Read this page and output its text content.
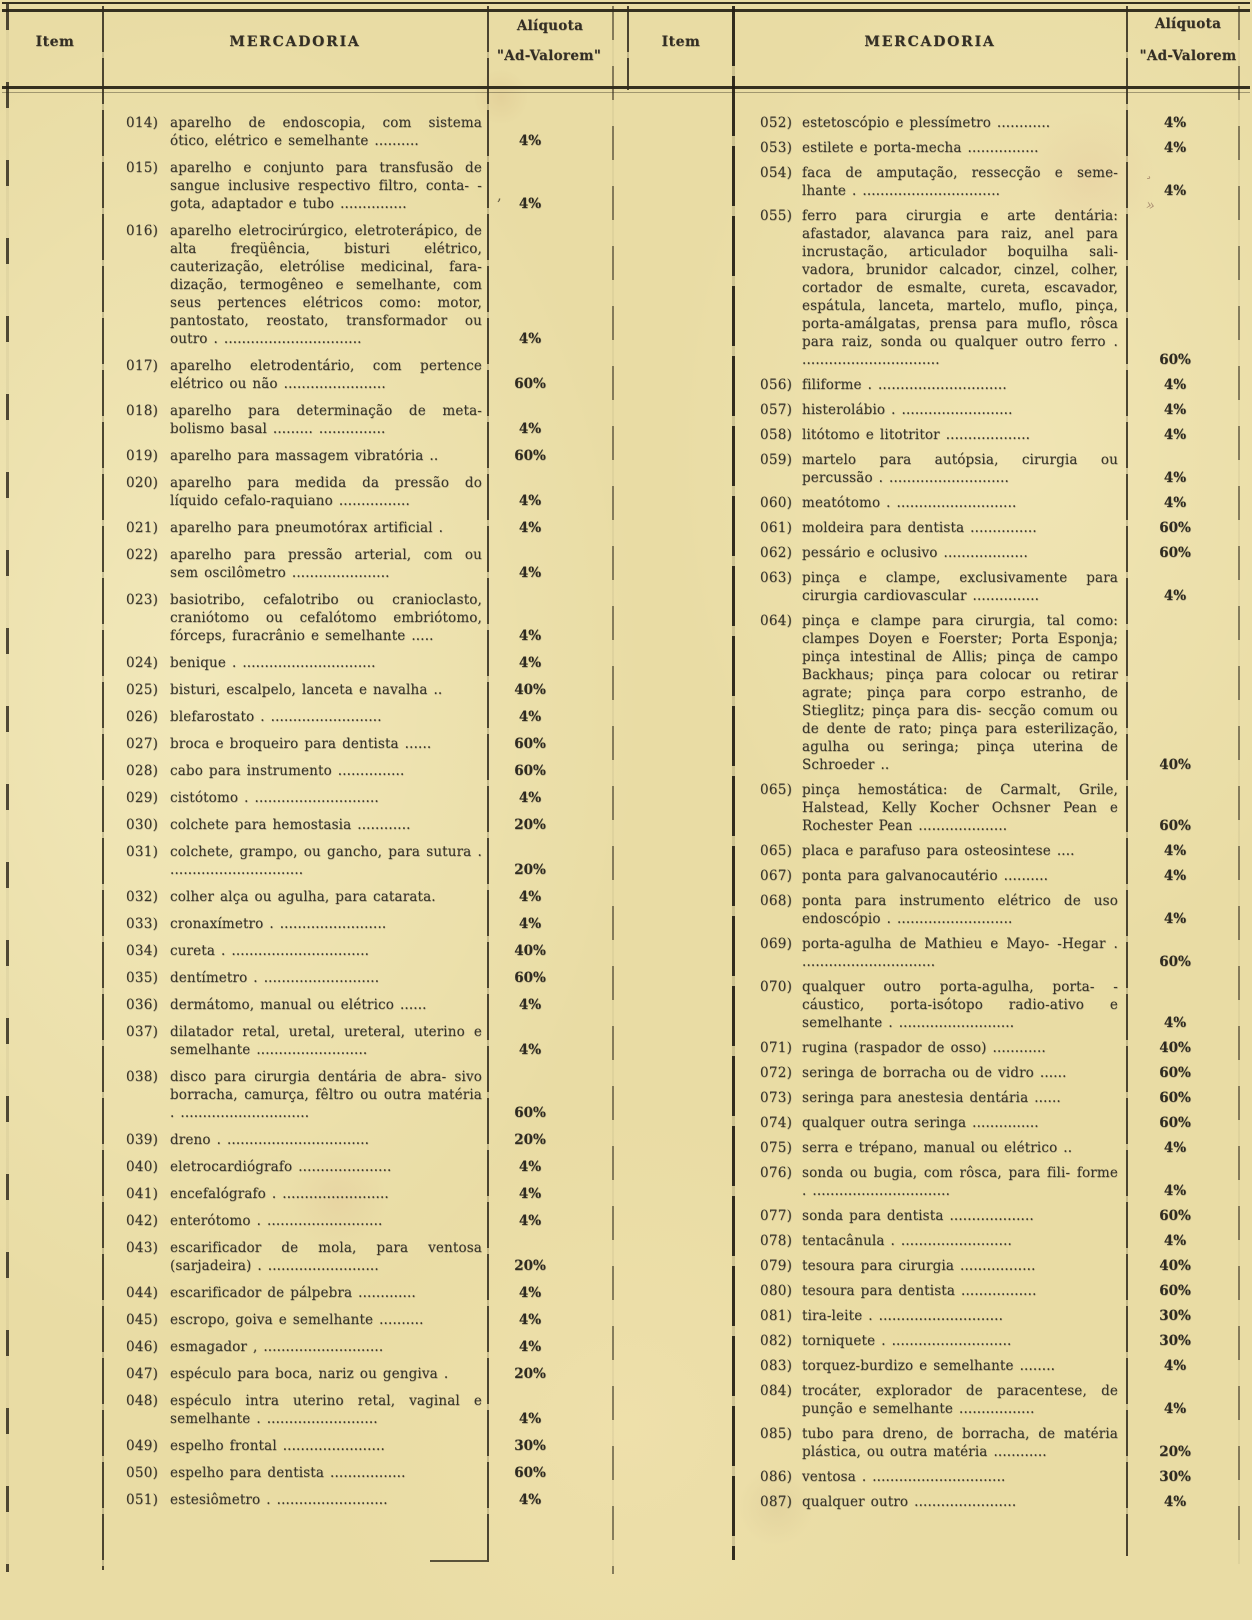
Item	MERCADORIA
Alíquota
"Ad-Valorem"
Item	MERCADORIA
Alíquota
"Ad-Valorem
014) aparelho de endoscopia, com sistema ótico, elétrico e semelhante ..........	4%
015) aparelho e conjunto para transfusão de sangue inclusive respectivo filtro, conta- -gota, adaptador e tubo ...............	4%
016) aparelho eletrocirúrgico, eletroterápico, de alta freqüência, bisturi elétrico, cauterização, eletrólise medicinal, fara- dização, termogêneo e semelhante, com seus pertences elétricos como: motor, pantostato, reostato, transformador ou outro . ...............................	4%
017) aparelho eletrodentário, com pertence elétrico ou não .......................	60%
018) aparelho para determinação de meta- bolismo basal ......... ...............	4%
019) aparelho para massagem vibratória ..	60%
020) aparelho para medida da pressão do líquido cefalo-raquiano ................	4%
021) aparelho para pneumotórax artificial .	4%
022) aparelho para pressão arterial, com ou sem oscilômetro ......................	4%
023) basiotribo, cefalotribo ou cranioclasto, craniótomo ou cefalótomo embriótomo, fórceps, furacrânio e semelhante .....	4%
024) benique . ..............................	4%
025) bisturi, escalpelo, lanceta e navalha ..	40%
026) blefarostato . .........................	4%
027) broca e broqueiro para dentista ......	60%
028) cabo para instrumento ...............	60%
029) cistótomo . ............................	4%
030) colchete para hemostasia ............	20%
031) colchete, grampo, ou gancho, para sutura . ..............................	20%
032) colher alça ou agulha, para catarata.	4%
033) cronaxímetro . ........................	4%
034) cureta . ...............................	40%
035) dentímetro . ..........................	60%
036) dermátomo, manual ou elétrico ......	4%
037) dilatador retal, uretal, ureteral, uterino e semelhante .........................	4%
038) disco para cirurgia dentária de abra- sivo borracha, camurça, fêltro ou outra matéria . .............................	60%
039) dreno . ................................	20%
040) eletrocardiógrafo .....................	4%
041) encefalógrafo . ........................	4%
042) enterótomo . ..........................	4%
043) escarificador de mola, para ventosa (sarjadeira) . .........................	20%
044) escarificador de pálpebra .............	4%
045) escropo, goiva e semelhante ..........	4%
046) esmagador , ...........................	4%
047) espéculo para boca, nariz ou gengiva .	20%
048) espéculo intra uterino retal, vaginal e semelhante . .........................	4%
049) espelho frontal .......................	30%
050) espelho para dentista .................	60%
051) estesiômetro . .........................	4%
052) estetoscópio e plessímetro ............	4%
053) estilete e porta-mecha ................	4%
054) faca de amputação, ressecção e seme- lhante . ...............................	4%
055) ferro para cirurgia e arte dentária: afastador, alavanca para raiz, anel para incrustação, articulador boquilha sali- vadora, brunidor calcador, cinzel, colher, cortador de esmalte, cureta, escavador, espátula, lanceta, martelo, muflo, pinça, porta-amálgatas, prensa para muflo, rôsca para raiz, sonda ou qualquer outro ferro . ...............................	60%
056) filiforme . .............................	4%
057) histerolábio . .........................	4%
058) litótomo e litotritor ...................	4%
059) martelo para autópsia, cirurgia ou percussão . ...........................	4%
060) meatótomo . ...........................	4%
061) moldeira para dentista ...............	60%
062) pessário e oclusivo ...................	60%
063) pinça e clampe, exclusivamente para cirurgia cardiovascular ...............	4%
064) pinça e clampe para cirurgia, tal como: clampes Doyen e Foerster; Porta Esponja; pinça intestinal de Allis; pinça de campo Backhaus; pinça para colocar ou retirar agrate; pinça para corpo estranho, de Stieglitz; pinça para dis- secção comum ou de dente de rato; pinça para esterilização, agulha ou seringa; pinça uterina de Schroeder ..	40%
065) pinça hemostática: de Carmalt, Grile, Halstead, Kelly Kocher Ochsner Pean e Rochester Pean ....................	60%
065) placa e parafuso para osteosintese ....	4%
067) ponta para galvanocautério ..........	4%
068) ponta para instrumento elétrico de uso endoscópio . ..........................	4%
069) porta-agulha de Mathieu e Mayo- -Hegar . ..............................	60%
070) qualquer outro porta-agulha, porta- -cáustico, porta-isótopo radio-ativo e semelhante . ..........................	4%
071) rugina (raspador de osso) ............	40%
072) seringa de borracha ou de vidro ......	60%
073) seringa para anestesia dentária ......	60%
074) qualquer outra seringa ...............	60%
075) serra e trépano, manual ou elétrico ..	4%
076) sonda ou bugia, com rôsca, para fili- forme . ...............................	4%
077) sonda para dentista ...................	60%
078) tentacânula . .........................	4%
079) tesoura para cirurgia .................	40%
080) tesoura para dentista .................	60%
081) tira-leite . ............................	30%
082) torniquete . ...........................	30%
083) torquez-burdizo e semelhante ........	4%
084) trocáter, explorador de paracentese, de punção e semelhante .................	4%
085) tubo para dreno, de borracha, de matéria plástica, ou outra matéria ............	20%
086) ventosa . ..............................	30%
087) qualquer outro .......................	4%
,
»
¸
